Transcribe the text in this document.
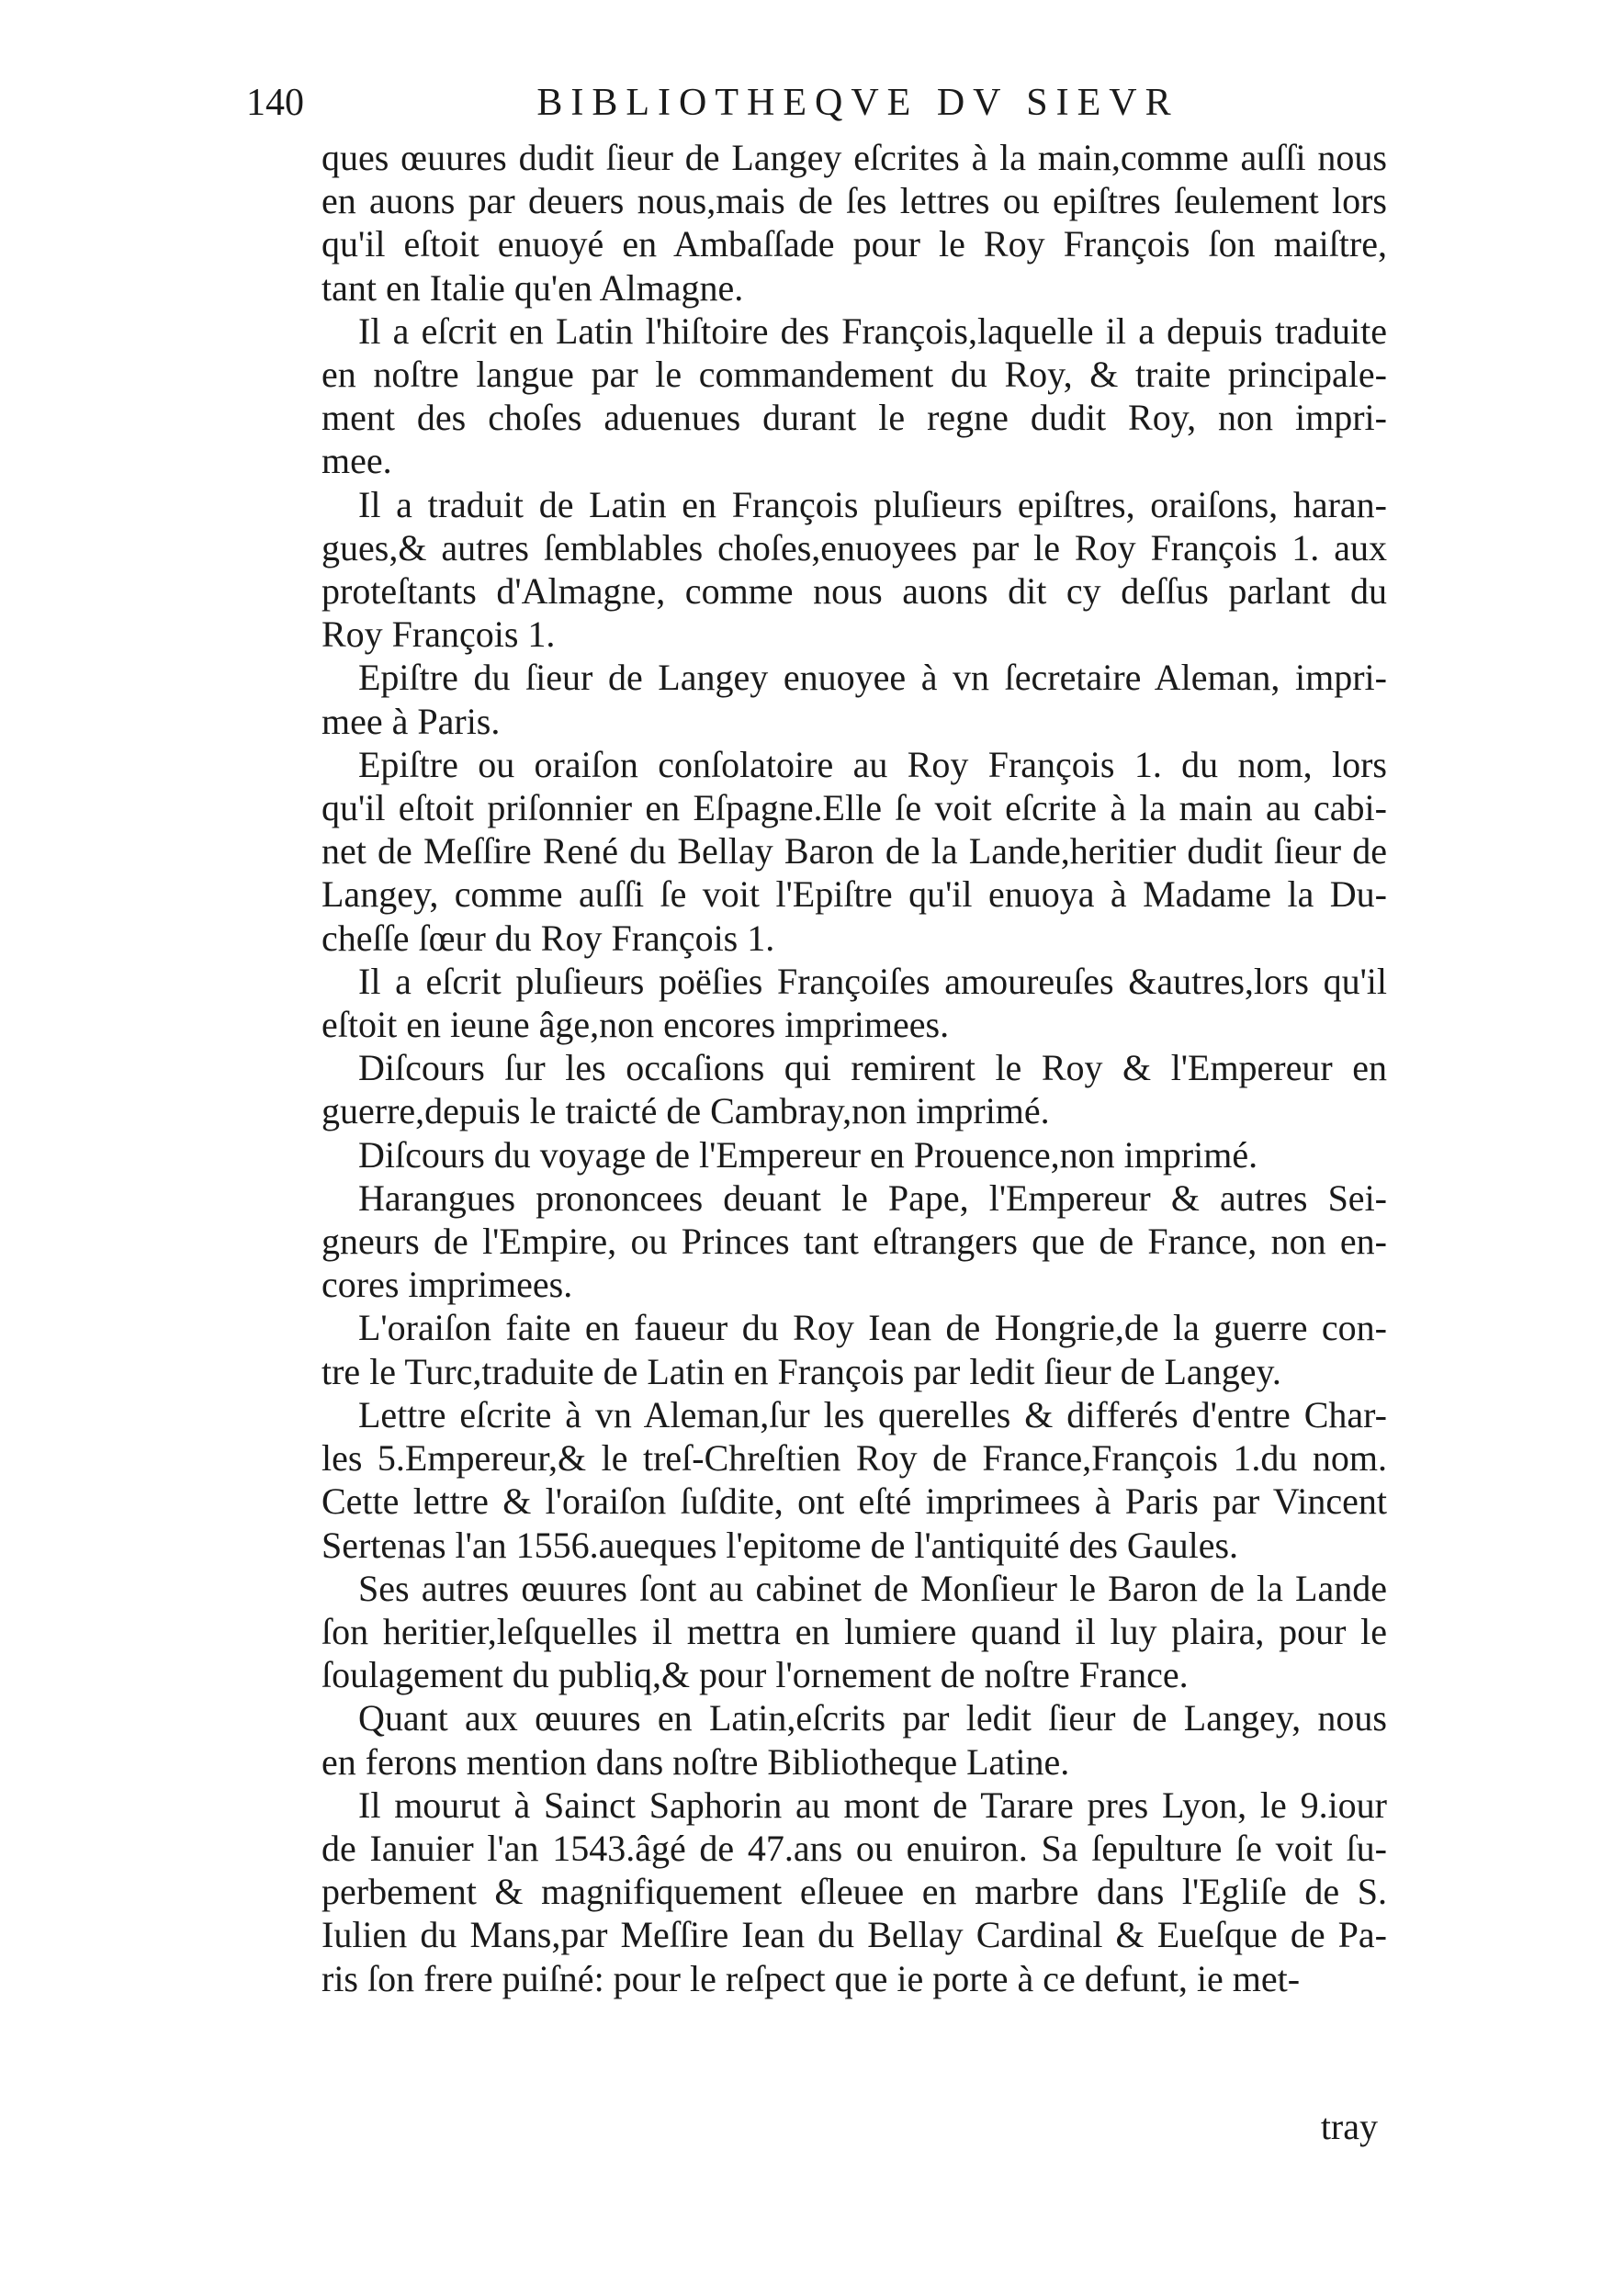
140	BIBLIOTHEQVE DV SIEVR
ques œuures dudit ſieur de Langey eſcrites à la main,comme auſſi nous
en auons par deuers nous,mais de ſes lettres ou epiſtres ſeulement lors
qu'il eſtoit enuoyé en Ambaſſade pour le Roy François ſon maiſtre,
tant en Italie qu'en Almagne.
Il a eſcrit en Latin l'hiſtoire des François,laquelle il a depuis traduite
en noſtre langue par le commandement du Roy, & traite principale-
ment des choſes aduenues durant le regne dudit Roy, non impri-
mee.
Il a traduit de Latin en François pluſieurs epiſtres, oraiſons, haran-
gues,& autres ſemblables choſes,enuoyees par le Roy François 1. aux
proteſtants d'Almagne, comme nous auons dit cy deſſus parlant du
Roy François 1.
Epiſtre du ſieur de Langey enuoyee à vn ſecretaire Aleman, impri-
mee à Paris.
Epiſtre ou oraiſon conſolatoire au Roy François 1. du nom, lors
qu'il eſtoit priſonnier en Eſpagne.Elle ſe voit eſcrite à la main au cabi-
net de Meſſire René du Bellay Baron de la Lande,heritier dudit ſieur de
Langey, comme auſſi ſe voit l'Epiſtre qu'il enuoya à Madame la Du-
cheſſe ſœur du Roy François 1.
Il a eſcrit pluſieurs poëſies Françoiſes amoureuſes &autres,lors qu'il
eſtoit en ieune âge,non encores imprimees.
Diſcours ſur les occaſions qui remirent le Roy & l'Empereur en
guerre,depuis le traicté de Cambray,non imprimé.
Diſcours du voyage de l'Empereur en Prouence,non imprimé.
Harangues prononcees deuant le Pape, l'Empereur & autres Sei-
gneurs de l'Empire, ou Princes tant eſtrangers que de France, non en-
cores imprimees.
L'oraiſon faite en faueur du Roy Iean de Hongrie,de la guerre con-
tre le Turc,traduite de Latin en François par ledit ſieur de Langey.
Lettre eſcrite à vn Aleman,ſur les querelles & differés d'entre Char-
les 5.Empereur,& le treſ-Chreſtien Roy de France,François 1.du nom.
Cette lettre & l'oraiſon ſuſdite, ont eſté imprimees à Paris par Vincent
Sertenas l'an 1556.aueques l'epitome de l'antiquité des Gaules.
Ses autres œuures ſont au cabinet de Monſieur le Baron de la Lande
ſon heritier,leſquelles il mettra en lumiere quand il luy plaira, pour le
ſoulagement du publiq,& pour l'ornement de noſtre France.
Quant aux œuures en Latin,eſcrits par ledit ſieur de Langey, nous
en ferons mention dans noſtre Bibliotheque Latine.
Il mourut à Sainct Saphorin au mont de Tarare pres Lyon, le 9.iour
de Ianuier l'an 1543.âgé de 47.ans ou enuiron. Sa ſepulture ſe voit ſu-
perbement & magnifiquement eſleuee en marbre dans l'Egliſe de S.
Iulien du Mans,par Meſſire Iean du Bellay Cardinal & Eueſque de Pa-
ris ſon frere puiſné: pour le reſpect que ie porte à ce defunt, ie met-
tray
